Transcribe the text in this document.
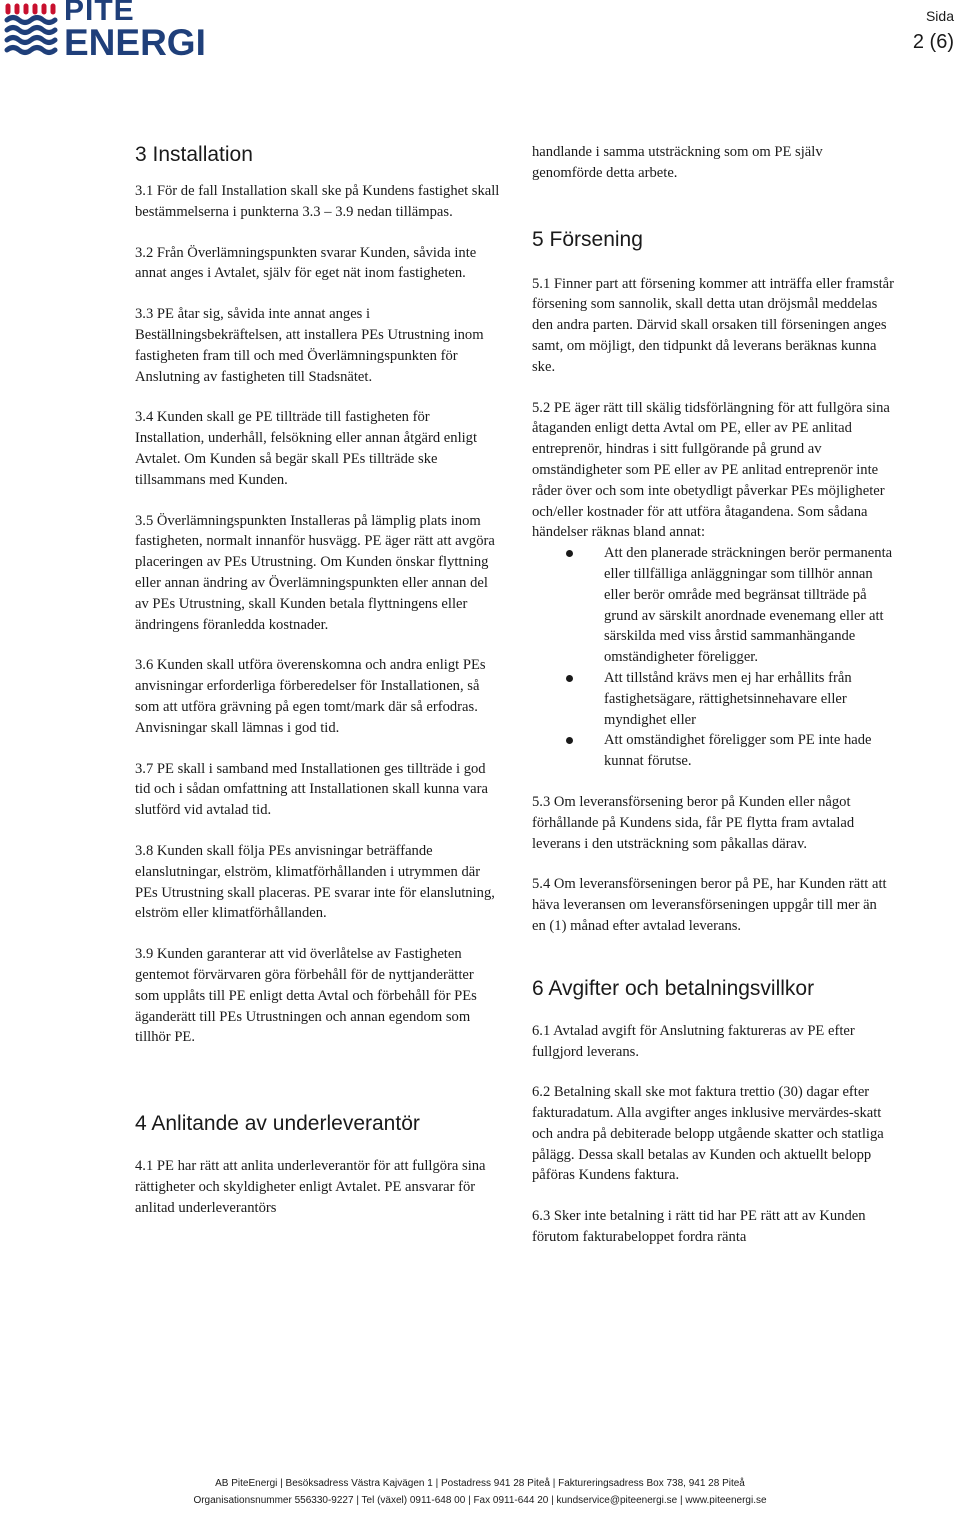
PITE
ENERGI
Sida
2 (6)
3 Installation

3.1 För de fall Installation skall ske på Kundens fastighet skall bestämmelserna i punkterna 3.3 – 3.9 nedan tillämpas.

3.2 Från Överlämningspunkten svarar Kunden, såvida inte annat anges i Avtalet, själv för eget nät inom fastigheten.

3.3 PE åtar sig, såvida inte annat anges i Beställningsbekräftelsen, att installera PEs Utrustning inom fastigheten fram till och med Överlämningspunkten för Anslutning av fastigheten till Stadsnätet.

3.4 Kunden skall ge PE tillträde till fastigheten för Installation, underhåll, felsökning eller annan åtgärd enligt Avtalet. Om Kunden så begär skall PEs tillträde ske tillsammans med Kunden.

3.5 Överlämningspunkten Installeras på lämplig plats inom fastigheten, normalt innanför husvägg. PE äger rätt att avgöra placeringen av PEs Utrustning. Om Kunden önskar flyttning eller annan ändring av Överlämningspunkten eller annan del av PEs Utrustning, skall Kunden betala flyttningens eller ändringens föranledda kostnader.

3.6 Kunden skall utföra överenskomna och andra enligt PEs anvisningar erforderliga förberedelser för Installationen, så som att utföra grävning på egen tomt/mark där så erfodras. Anvisningar skall lämnas i god tid.

3.7 PE skall i samband med Installationen ges tillträde i god tid och i sådan omfattning att Installationen skall kunna vara slutförd vid avtalad tid.

3.8 Kunden skall följa PEs anvisningar beträffande elanslutningar, elström, klimatförhållanden i utrymmen där PEs Utrustning skall placeras. PE svarar inte för elanslutning, elström eller klimatförhållanden.

3.9 Kunden garanterar att vid överlåtelse av Fastigheten gentemot förvärvaren göra förbehåll för de nyttjanderätter som upplåts till PE enligt detta Avtal och förbehåll för PEs äganderätt till PEs Utrustningen och annan egendom som tillhör PE.

4 Anlitande av underleverantör

4.1 PE har rätt att anlita underleverantör för att fullgöra sina rättigheter och skyldigheter enligt Avtalet. PE ansvarar för anlitad underleverantörs

handlande i samma utsträckning som om PE själv genomförde detta arbete.

5 Försening

5.1 Finner part att försening kommer att inträffa eller framstår försening som sannolik, skall detta utan dröjsmål meddelas den andra parten. Därvid skall orsaken till förseningen anges samt, om möjligt, den tidpunkt då leverans beräknas kunna ske.

5.2 PE äger rätt till skälig tidsförlängning för att fullgöra sina åtaganden enligt detta Avtal om PE, eller av PE anlitad entreprenör, hindras i sitt fullgörande på grund av omständigheter som PE eller av PE anlitad entreprenör inte råder över och som inte obetydligt påverkar PEs möjligheter och/eller kostnader för att utföra åtagandena. Som sådana händelser räknas bland annat:

Att den planerade sträckningen berör permanenta eller tillfälliga anläggningar som tillhör annan eller berör område med begränsat tillträde på grund av särskilt anordnade evenemang eller att särskilda med viss årstid sammanhängande omständigheter föreligger.
Att tillstånd krävs men ej har erhållits från fastighetsägare, rättighetsinnehavare eller myndighet eller
Att omständighet föreligger som PE inte hade kunnat förutse.

5.3 Om leveransförsening beror på Kunden eller något förhållande på Kundens sida, får PE flytta fram avtalad leverans i den utsträckning som påkallas därav.

5.4 Om leveransförseningen beror på PE, har Kunden rätt att häva leveransen om leveransförseningen uppgår till mer än en (1) månad efter avtalad leverans.

6 Avgifter och betalningsvillkor

6.1 Avtalad avgift för Anslutning faktureras av PE efter fullgjord leverans.

6.2 Betalning skall ske mot faktura trettio (30) dagar efter fakturadatum. Alla avgifter anges inklusive mervärdes-skatt och andra på debiterade belopp utgående skatter och statliga pålägg. Dessa skall betalas av Kunden och aktuellt belopp påföras Kundens faktura.

6.3 Sker inte betalning i rätt tid har PE rätt att av Kunden förutom fakturabeloppet fordra ränta

AB PiteEnergi | Besöksadress Västra Kajvägen 1 | Postadress 941 28 Piteå | Faktureringsadress Box 738, 941 28 Piteå
Organisationsnummer 556330-9227 | Tel (växel) 0911-648 00 | Fax 0911-644 20 | kundservice@piteenergi.se | www.piteenergi.se
